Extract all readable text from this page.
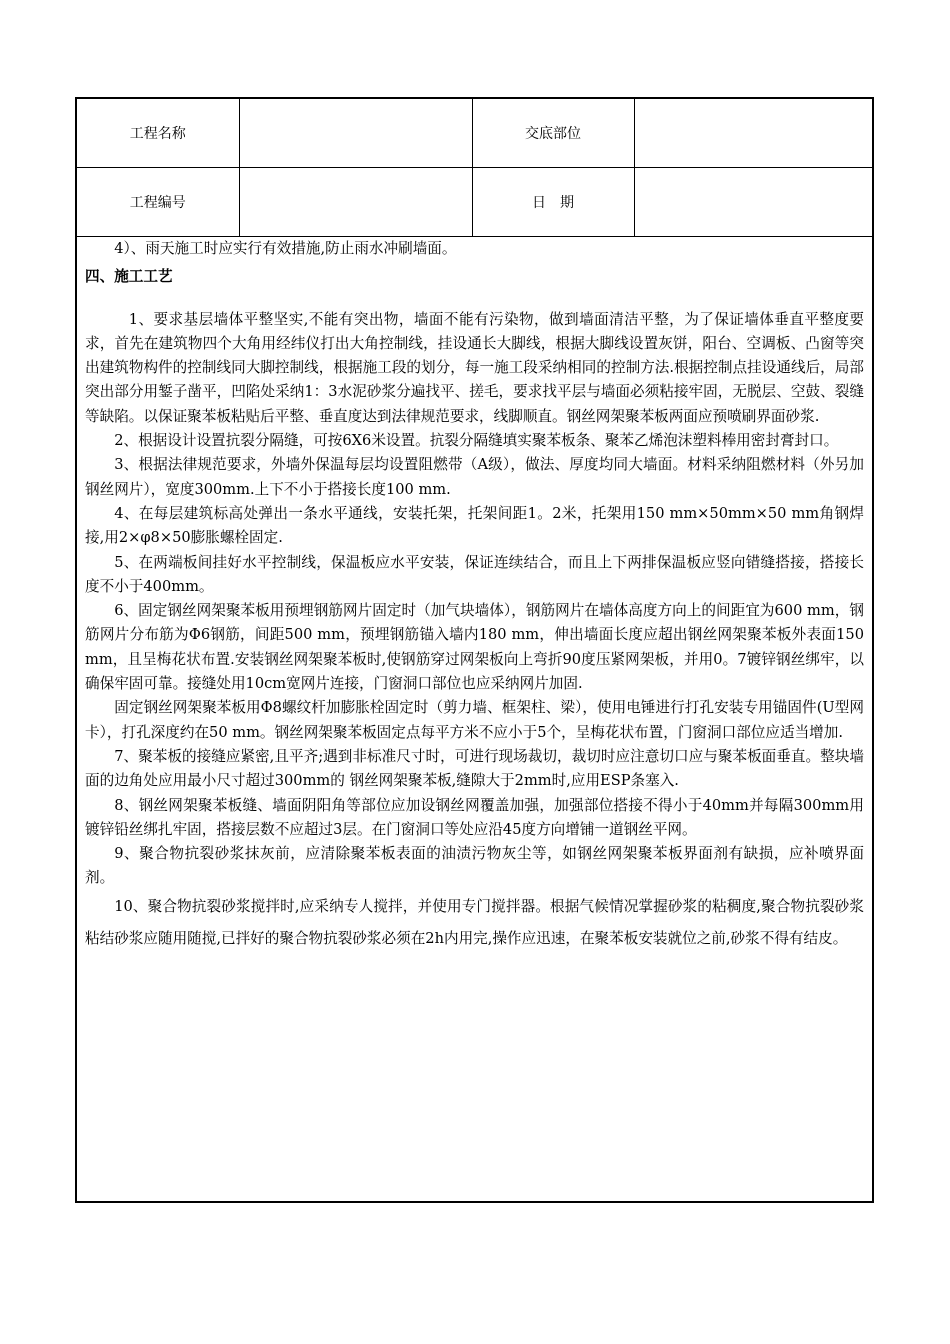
工程名称		交底部位	
工程编号		日　期	

4）、雨天施工时应实行有效措施,防止雨水冲刷墙面。

四、施工工艺

1、要求基层墙体平整坚实,不能有突出物，墙面不能有污染物，做到墙面清洁平整，为了保证墙体垂直平整度要求，首先在建筑物四个大角用经纬仪打出大角控制线，挂设通长大脚线，根据大脚线设置灰饼，阳台、空调板、凸窗等突出建筑物构件的控制线同大脚控制线，根据施工段的划分，每一施工段采纳相同的控制方法.根据控制点挂设通线后，局部突出部分用錾子凿平，凹陷处采纳1：3水泥砂浆分遍找平、搓毛，要求找平层与墙面必须粘接牢固，无脱层、空鼓、裂缝等缺陷。以保证聚苯板粘贴后平整、垂直度达到法律规范要求，线脚顺直。钢丝网架聚苯板两面应预喷刷界面砂浆.

2、根据设计设置抗裂分隔缝，可按6X6米设置。抗裂分隔缝填实聚苯板条、聚苯乙烯泡沫塑料棒用密封膏封口。

3、根据法律规范要求，外墙外保温每层均设置阻燃带（A级），做法、厚度均同大墙面。材料采纳阻燃材料（外另加钢丝网片），宽度300mm.上下不小于搭接长度100 mm.

4、在每层建筑标高处弹出一条水平通线，安装托架，托架间距1。2米，托架用150 mm×50mm×50 mm角钢焊接,用2×φ8×50膨胀螺栓固定.

5、在两端板间挂好水平控制线，保温板应水平安装，保证连续结合，而且上下两排保温板应竖向错缝搭接，搭接长度不小于400mm。

6、固定钢丝网架聚苯板用预埋钢筋网片固定时（加气块墙体），钢筋网片在墙体高度方向上的间距宜为600 mm，钢筋网片分布筋为Φ6钢筋，间距500 mm，预埋钢筋锚入墙内180 mm，伸出墙面长度应超出钢丝网架聚苯板外表面150 mm，且呈梅花状布置.安装钢丝网架聚苯板时,使钢筋穿过网架板向上弯折90度压紧网架板，并用0。7镀锌钢丝绑牢，以确保牢固可靠。接缝处用10cm宽网片连接，门窗洞口部位也应采纳网片加固.

固定钢丝网架聚苯板用Φ8螺纹杆加膨胀栓固定时（剪力墙、框架柱、梁），使用电锤进行打孔安装专用锚固件(U型网卡），打孔深度约在50 mm。钢丝网架聚苯板固定点每平方米不应小于5个，呈梅花状布置，门窗洞口部位应适当增加.

7、聚苯板的接缝应紧密,且平齐;遇到非标准尺寸时，可进行现场裁切，裁切时应注意切口应与聚苯板面垂直。整块墙面的边角处应用最小尺寸超过300mm的 钢丝网架聚苯板,缝隙大于2mm时,应用ESP条塞入.

8、钢丝网架聚苯板缝、墙面阴阳角等部位应加设钢丝网覆盖加强，加强部位搭接不得小于40mm并每隔300mm用镀锌铅丝绑扎牢固，搭接层数不应超过3层。在门窗洞口等处应沿45度方向增铺一道钢丝平网。

9、聚合物抗裂砂浆抹灰前，应清除聚苯板表面的油渍污物灰尘等，如钢丝网架聚苯板界面剂有缺损，应补喷界面剂。

10、聚合物抗裂砂浆搅拌时,应采纳专人搅拌，并使用专门搅拌器。根据气候情况掌握砂浆的粘稠度,聚合物抗裂砂浆粘结砂浆应随用随搅,已拌好的聚合物抗裂砂浆必须在2h内用完,操作应迅速，在聚苯板安装就位之前,砂浆不得有结皮。
